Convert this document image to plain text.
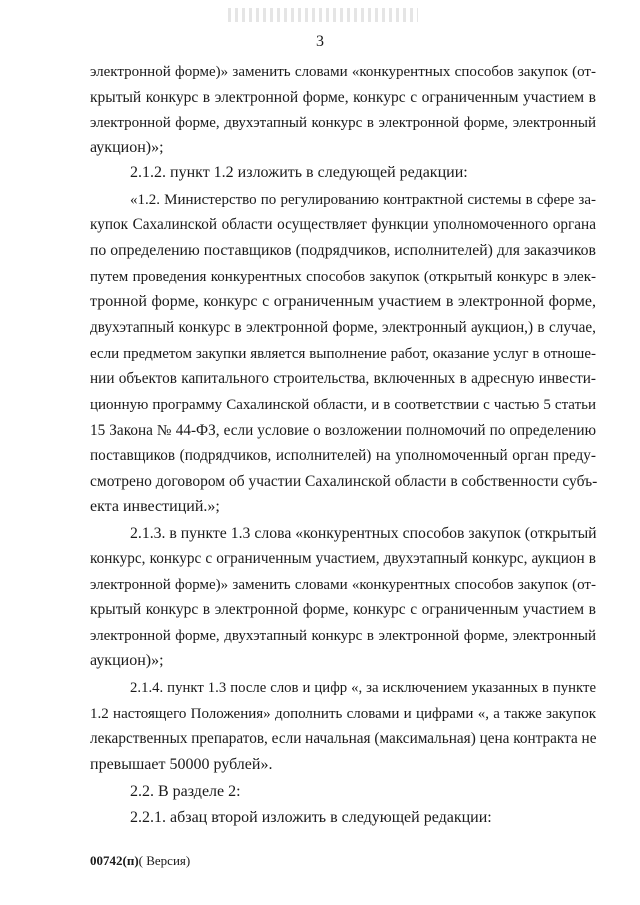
3
электронной форме)» заменить словами «конкурентных способов закупок (от-
крытый конкурс в электронной форме, конкурс с ограниченным участием в
электронной форме, двухэтапный конкурс в электронной форме, электронный
аукцион)»;
2.1.2. пункт 1.2 изложить в следующей редакции:
«1.2. Министерство по регулированию контрактной системы в сфере за-
купок Сахалинской области осуществляет функции уполномоченного органа
по определению поставщиков (подрядчиков, исполнителей) для заказчиков
путем проведения конкурентных способов закупок (открытый конкурс в элек-
тронной форме, конкурс с ограниченным участием в электронной форме,
двухэтапный конкурс в электронной форме, электронный аукцион,) в случае,
если предметом закупки является выполнение работ, оказание услуг в отноше-
нии объектов капитального строительства, включенных в адресную инвести-
ционную программу Сахалинской области, и в соответствии с частью 5 статьи
15 Закона № 44-ФЗ, если условие о возложении полномочий по определению
поставщиков (подрядчиков, исполнителей) на уполномоченный орган преду-
смотрено договором об участии Сахалинской области в собственности субъ-
екта инвестиций.»;
2.1.3. в пункте 1.3 слова «конкурентных способов закупок (открытый
конкурс, конкурс с ограниченным участием, двухэтапный конкурс, аукцион в
электронной форме)» заменить словами «конкурентных способов закупок (от-
крытый конкурс в электронной форме, конкурс с ограниченным участием в
электронной форме, двухэтапный конкурс в электронной форме, электронный
аукцион)»;
2.1.4. пункт 1.3 после слов и цифр «, за исключением указанных в пункте
1.2 настоящего Положения» дополнить словами и цифрами «, а также закупок
лекарственных препаратов, если начальная (максимальная) цена контракта не
превышает 50000 рублей».
2.2. В разделе 2:
2.2.1. абзац второй изложить в следующей редакции:
00742(п)( Версия)
